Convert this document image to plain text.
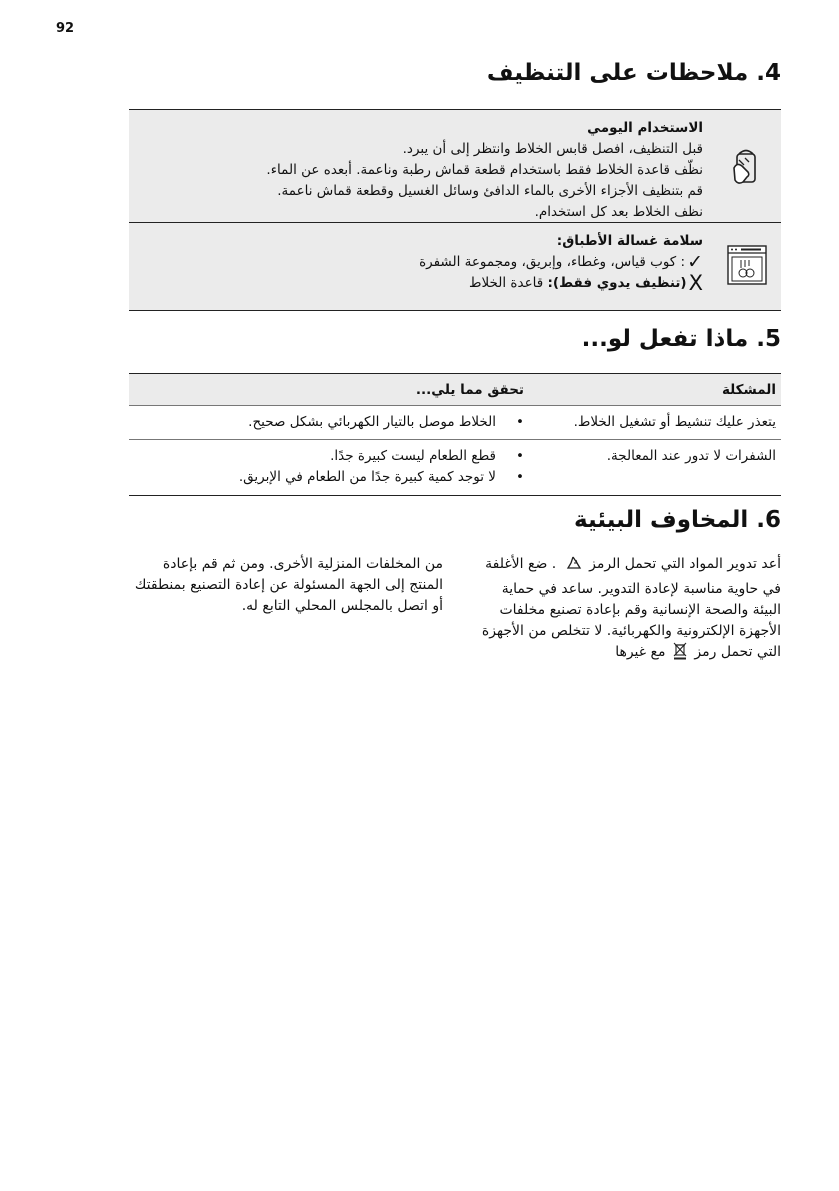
92
4. ملاحظات على التنظيف
الاستخدام اليومي
قبل التنظيف، افصل قابس الخلاط وانتظر إلى أن يبرد.
نظّف قاعدة الخلاط فقط باستخدام قطعة قماش رطبة وناعمة. أبعده عن الماء.
قم بتنظيف الأجزاء الأخرى بالماء الدافئ وسائل الغسيل وقطعة قماش ناعمة.
نظف الخلاط بعد كل استخدام.
سلامة غسالة الأطباق:
✓
: كوب قياس، وغطاء، وإبريق، ومجموعة الشفرة
X
(تنظيف يدوي فقط): قاعدة الخلاط
5. ماذا تفعل لو...
المشكلة
تحقق مما يلي...
يتعذر عليك تنشيط أو تشغيل الخلاط.
• الخلاط موصل بالتيار الكهربائي بشكل صحيح.
الشفرات لا تدور عند المعالجة.
• قطع الطعام ليست كبيرة جدًا.
• لا توجد كمية كبيرة جدًا من الطعام في الإبريق.
6. المخاوف البيئية
أعد تدوير المواد التي تحمل الرمز  . ضع الأغلفة في حاوية مناسبة لإعادة التدوير. ساعد في حماية البيئة والصحة الإنسانية وقم بإعادة تصنيع مخلفات الأجهزة الإلكترونية والكهربائية. لا تتخلص من الأجهزة التي تحمل رمز  مع غيرها
من المخلفات المنزلية الأخرى. ومن ثم قم بإعادة المنتج إلى الجهة المسئولة عن إعادة التصنيع بمنطقتك أو اتصل بالمجلس المحلي التابع له.
